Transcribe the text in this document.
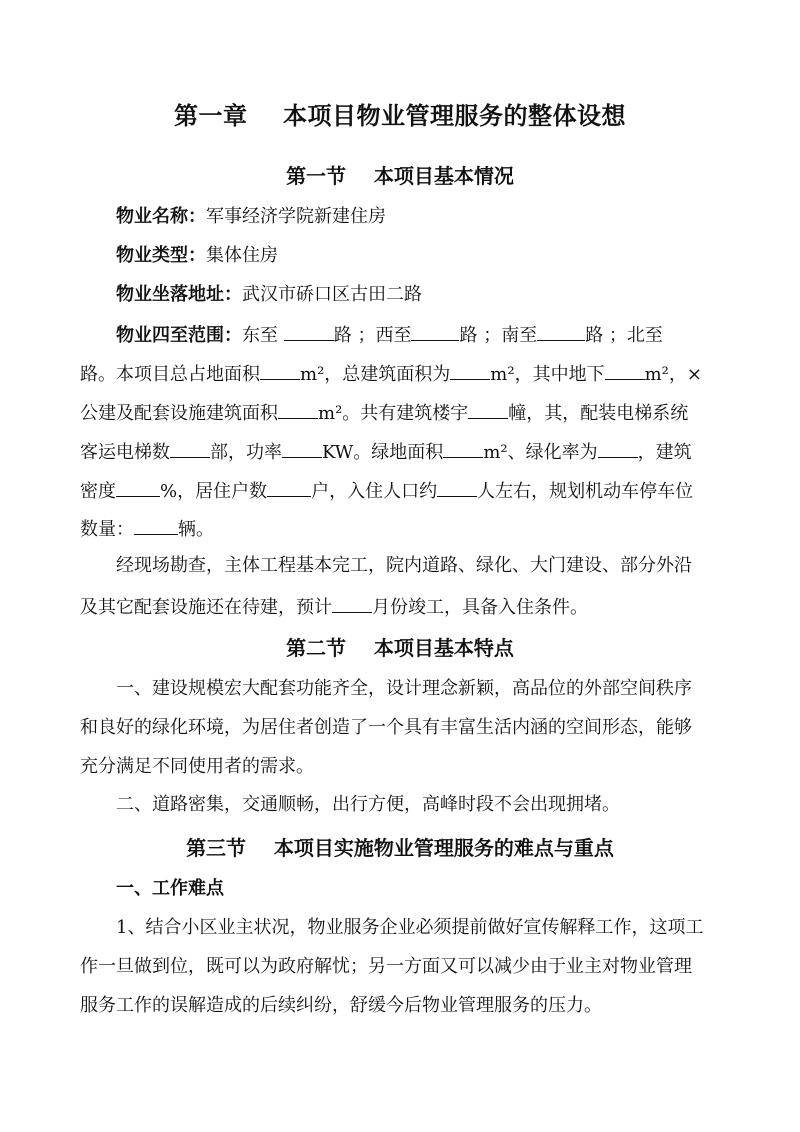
第一章    本项目物业管理服务的整体设想
第一节    本项目基本情况
物业名称：军事经济学院新建住房
物业类型：集体住房
物业坐落地址：武汉市硚口区古田二路
物业四至范围：东至	路 ；西至	路 ；南至	路 ；北至
路。本项目总占地面积 m²，总建筑面积为 m²，其中地下 m²，×
公建及配套设施建筑面积 m²。共有建筑楼宇 幢，其，配装电梯系统
客运电梯数 部，功率 KW。绿地面积 m²、绿化率为 ，建筑
密度 %，居住户数 户，入住人口约 人左右，规划机动车停车位
数量： 辆。
经现场勘查，主体工程基本完工，院内道路、绿化、大门建设、部分外沿
及其它配套设施还在待建，预计 月份竣工，具备入住条件。
第二节    本项目基本特点
一、建设规模宏大配套功能齐全，设计理念新颖，高品位的外部空间秩序
和良好的绿化环境，为居住者创造了一个具有丰富生活内涵的空间形态，能够
充分满足不同使用者的需求。
二、道路密集，交通顺畅，出行方便，高峰时段不会出现拥堵。
第三节    本项目实施物业管理服务的难点与重点
一、工作难点
1、结合小区业主状况，物业服务企业必须提前做好宣传解释工作，这项工
作一旦做到位，既可以为政府解忧；另一方面又可以减少由于业主对物业管理
服务工作的误解造成的后续纠纷，舒缓今后物业管理服务的压力。
